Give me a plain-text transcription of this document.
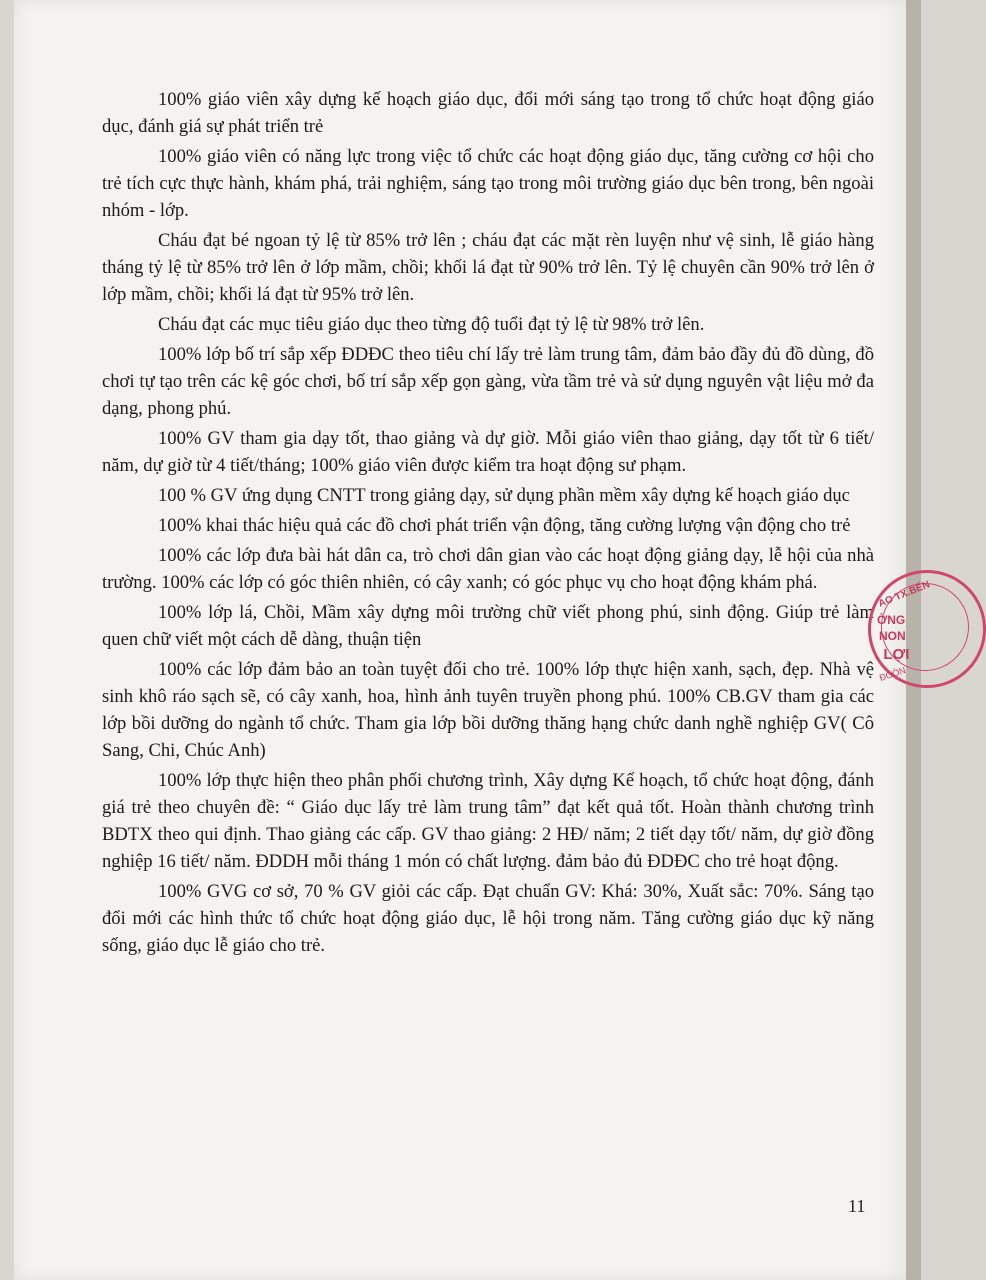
100% giáo viên xây dựng kế hoạch giáo dục, đổi mới sáng tạo trong tổ chức hoạt động giáo dục, đánh giá sự phát triển trẻ

100% giáo viên có năng lực trong việc tổ chức các hoạt động giáo dục, tăng cường cơ hội cho trẻ tích cực thực hành, khám phá, trải nghiệm, sáng tạo trong môi trường giáo dục bên trong, bên ngoài nhóm - lớp.

Cháu đạt bé ngoan tỷ lệ từ 85% trở lên ; cháu đạt các mặt rèn luyện như vệ sinh, lễ giáo hàng tháng tỷ lệ từ 85% trở lên ở lớp mầm, chồi; khối lá đạt từ 90% trở lên. Tỷ lệ chuyên cần 90% trở lên ở lớp mầm, chồi; khối lá đạt từ 95% trở lên.

Cháu đạt các mục tiêu giáo dục theo từng độ tuổi đạt tỷ lệ từ 98% trở lên.

100% lớp bố trí sắp xếp ĐDĐC theo tiêu chí lấy trẻ làm trung tâm, đảm bảo đầy đủ đồ dùng, đồ chơi tự tạo trên các kệ góc chơi, bố trí sắp xếp gọn gàng, vừa tầm trẻ và sử dụng nguyên vật liệu mở đa dạng, phong phú.

100% GV tham gia dạy tốt, thao giảng và dự giờ. Mỗi giáo viên thao giảng, dạy tốt từ 6 tiết/ năm, dự giờ từ 4 tiết/tháng; 100% giáo viên được kiểm tra hoạt động sư phạm.

100 % GV ứng dụng CNTT trong giảng dạy, sử dụng phần mềm xây dựng kế hoạch giáo dục

100% khai thác hiệu quả các đồ chơi phát triển vận động, tăng cường lượng vận động cho trẻ

100% các lớp đưa bài hát dân ca, trò chơi dân gian vào các hoạt động giảng dạy, lễ hội của nhà trường. 100% các lớp có góc thiên nhiên, có cây xanh; có góc phục vụ cho hoạt động khám phá.

100% lớp lá, Chồi, Mầm xây dựng môi trường chữ viết phong phú, sinh động. Giúp trẻ làm quen chữ viết một cách dễ dàng, thuận tiện

100% các lớp đảm bảo an toàn tuyệt đối cho trẻ. 100% lớp thực hiện xanh, sạch, đẹp. Nhà vệ sinh khô ráo sạch sẽ, có cây xanh, hoa, hình ảnh tuyên truyền phong phú. 100% CB.GV tham gia các lớp bồi dưỡng do ngành tổ chức. Tham gia lớp bồi dưỡng thăng hạng chức danh nghề nghiệp GV( Cô Sang, Chi, Chúc Anh)

100% lớp thực hiện theo phân phối chương trình, Xây dựng Kế hoạch, tổ chức hoạt động, đánh giá trẻ theo chuyên đề: “ Giáo dục lấy trẻ làm trung tâm” đạt kết quả tốt. Hoàn thành chương trình BDTX theo qui định. Thao giảng các cấp. GV thao giảng: 2 HĐ/ năm; 2 tiết dạy tốt/ năm, dự giờ đồng nghiệp 16 tiết/ năm. ĐDDH mỗi tháng 1 món có chất lượng. đảm bảo đủ ĐDĐC cho trẻ hoạt động.

100% GVG cơ sở, 70 % GV giỏi các cấp. Đạt chuẩn GV: Khá: 30%, Xuất sắc: 70%. Sáng tạo đổi mới các hình thức tổ chức hoạt động giáo dục, lễ hội trong năm. Tăng cường giáo dục kỹ năng sống, giáo dục lễ giáo cho trẻ.

11
AO TX.BẾN
ỜNG
NON
. LỢI
ĐOÒN
